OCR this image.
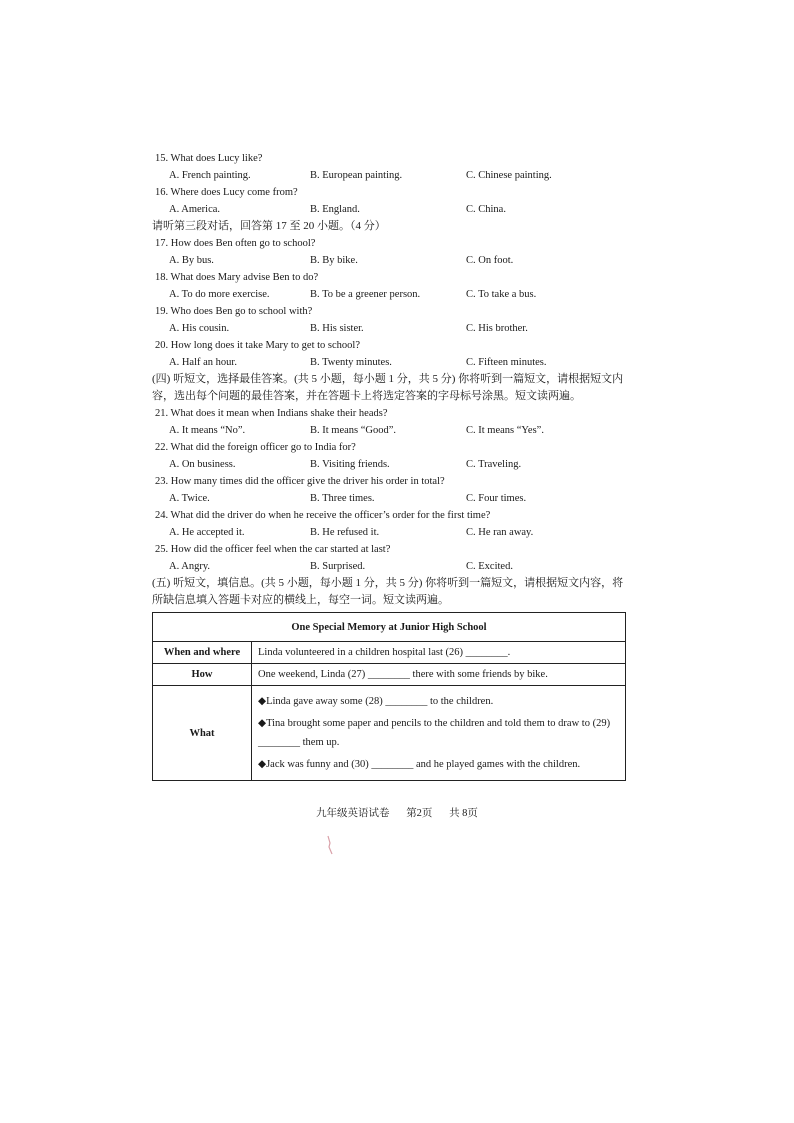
15. What does Lucy like?
A. French painting.	B. European painting.	C. Chinese painting.
16. Where does Lucy come from?
A. America.	B. England.	C. China.
请听第三段对话，回答第 17 至 20 小题。（4 分）
17. How does Ben often go to school?
A. By bus.	B. By bike.	C. On foot.
18. What does Mary advise Ben to do?
A. To do more exercise.	B. To be a greener person.	C. To take a bus.
19. Who does Ben go to school with?
A. His cousin.	B. His sister.	C. His brother.
20. How long does it take Mary to get to school?
A. Half an hour.	B. Twenty minutes.	C. Fifteen minutes.
(四) 听短文，选择最佳答案。(共 5 小题，每小题 1 分，共 5 分) 你将听到一篇短文，请根据短文内容，选出每个问题的最佳答案，并在答题卡上将选定答案的字母标号涂黑。短文读两遍。
21. What does it mean when Indians shake their heads?
A. It means “No”.	B. It means “Good”.	C. It means “Yes”.
22. What did the foreign officer go to India for?
A. On business.	B. Visiting friends.	C. Traveling.
23. How many times did the officer give the driver his order in total?
A. Twice.	B. Three times.	C. Four times.
24. What did the driver do when he receive the officer’s order for the first time?
A. He accepted it.	B. He refused it.	C. He ran away.
25. How did the officer feel when the car started at last?
A. Angry.	B. Surprised.	C. Excited.
(五) 听短文，填信息。(共 5 小题，每小题 1 分，共 5 分) 你将听到一篇短文，请根据短文内容，将所缺信息填入答题卡对应的横线上，每空一词。短文读两遍。
One Special Memory at Junior High School	
When and where	Linda volunteered in a children hospital last (26) ________.
How	One weekend, Linda (27) ________ there with some friends by bike.
What	◆Linda gave away some (28) ________ to the children.
◆Tina brought some paper and pencils to the children and told them to draw to (29) ________ them up.
◆Jack was funny and (30) ________ and he played games with the children.
九年级英语试卷 第2页 共 8页
